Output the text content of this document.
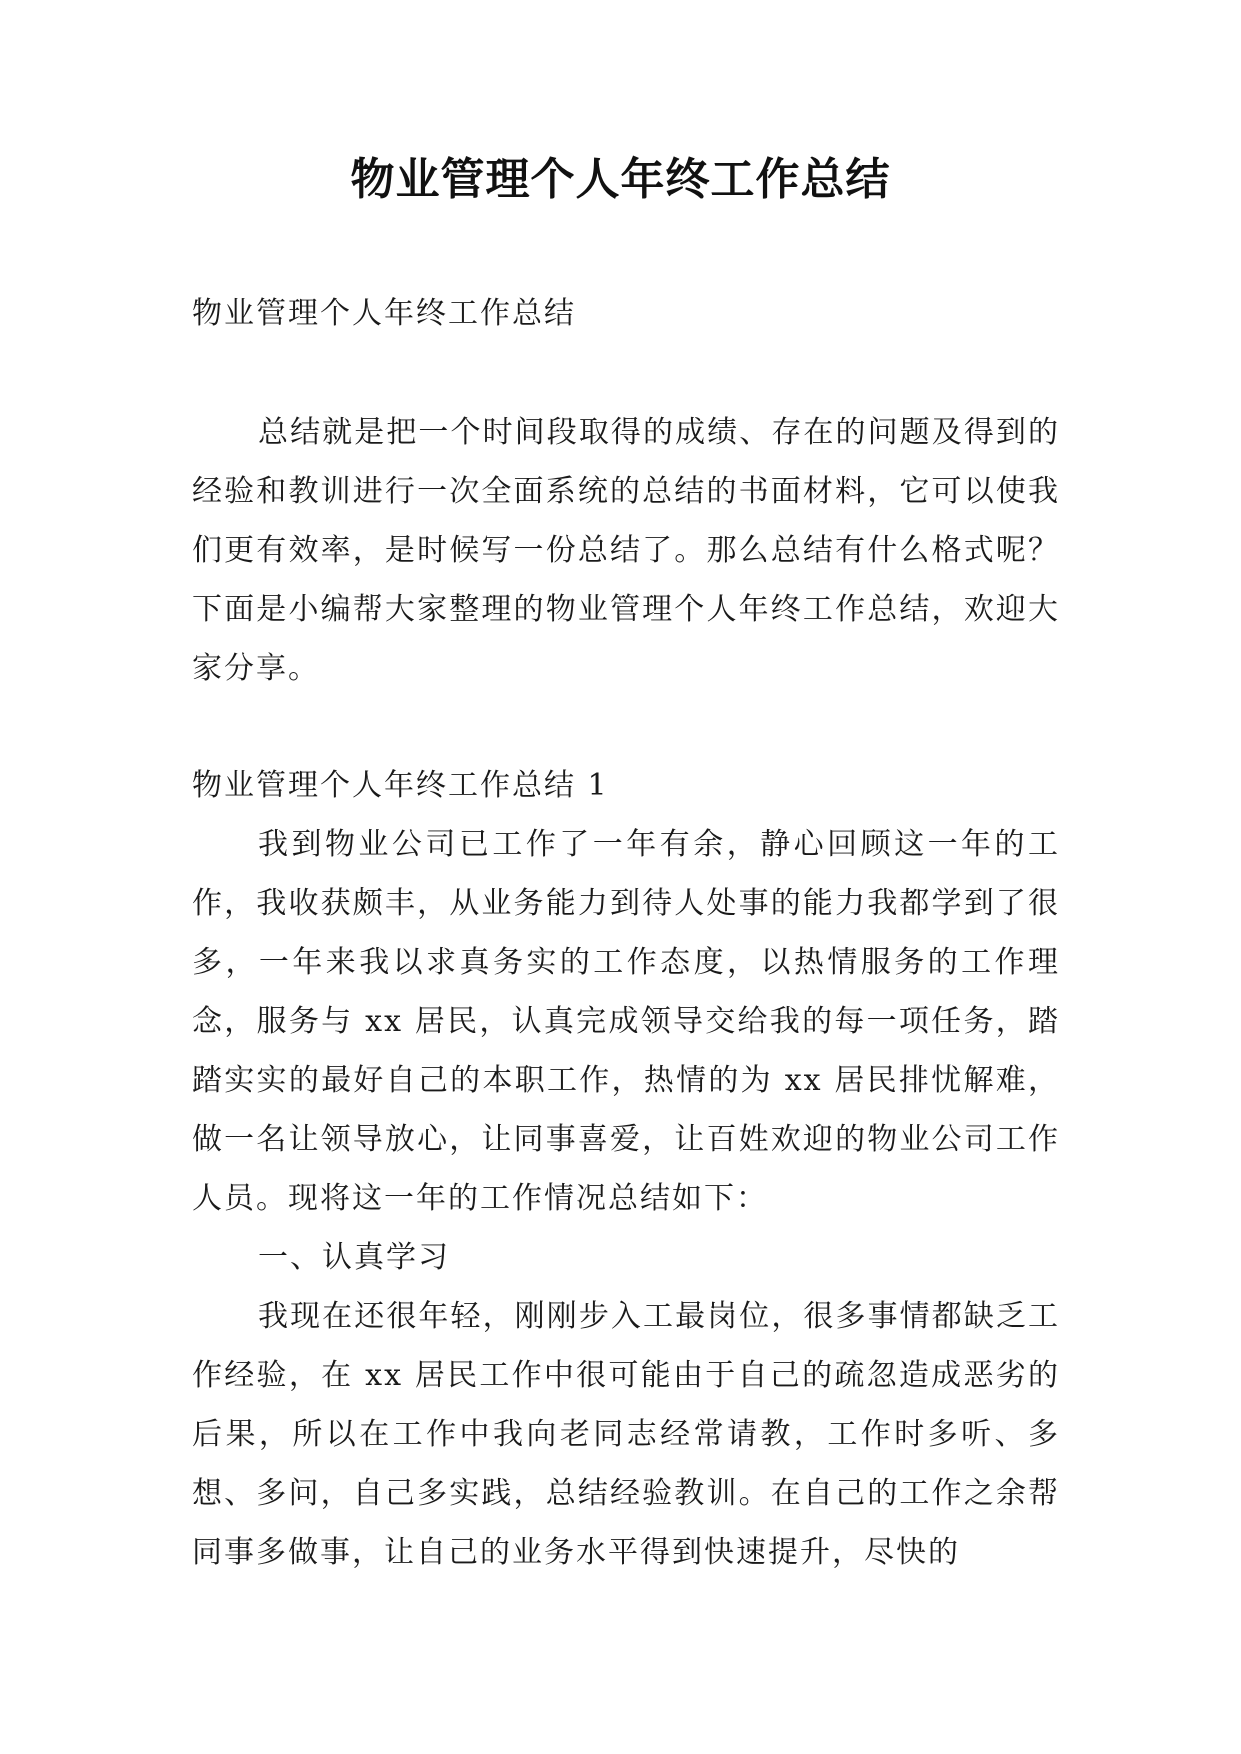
物业管理个人年终工作总结

物业管理个人年终工作总结

总结就是把一个时间段取得的成绩、存在的问题及得到的经验和教训进行一次全面系统的总结的书面材料，它可以使我们更有效率，是时候写一份总结了。那么总结有什么格式呢？下面是小编帮大家整理的物业管理个人年终工作总结，欢迎大家分享。

物业管理个人年终工作总结 1

我到物业公司已工作了一年有余，静心回顾这一年的工作，我收获颇丰，从业务能力到待人处事的能力我都学到了很多，一年来我以求真务实的工作态度，以热情服务的工作理念，服务与 xx 居民，认真完成领导交给我的每一项任务，踏踏实实的最好自己的本职工作，热情的为 xx 居民排忧解难，做一名让领导放心，让同事喜爱，让百姓欢迎的物业公司工作人员。现将这一年的工作情况总结如下：

一、认真学习

我现在还很年轻，刚刚步入工最岗位，很多事情都缺乏工作经验，在 xx 居民工作中很可能由于自己的疏忽造成恶劣的后果，所以在工作中我向老同志经常请教，工作时多听、多想、多问，自己多实践，总结经验教训。在自己的工作之余帮同事多做事，让自己的业务水平得到快速提升，尽快的
